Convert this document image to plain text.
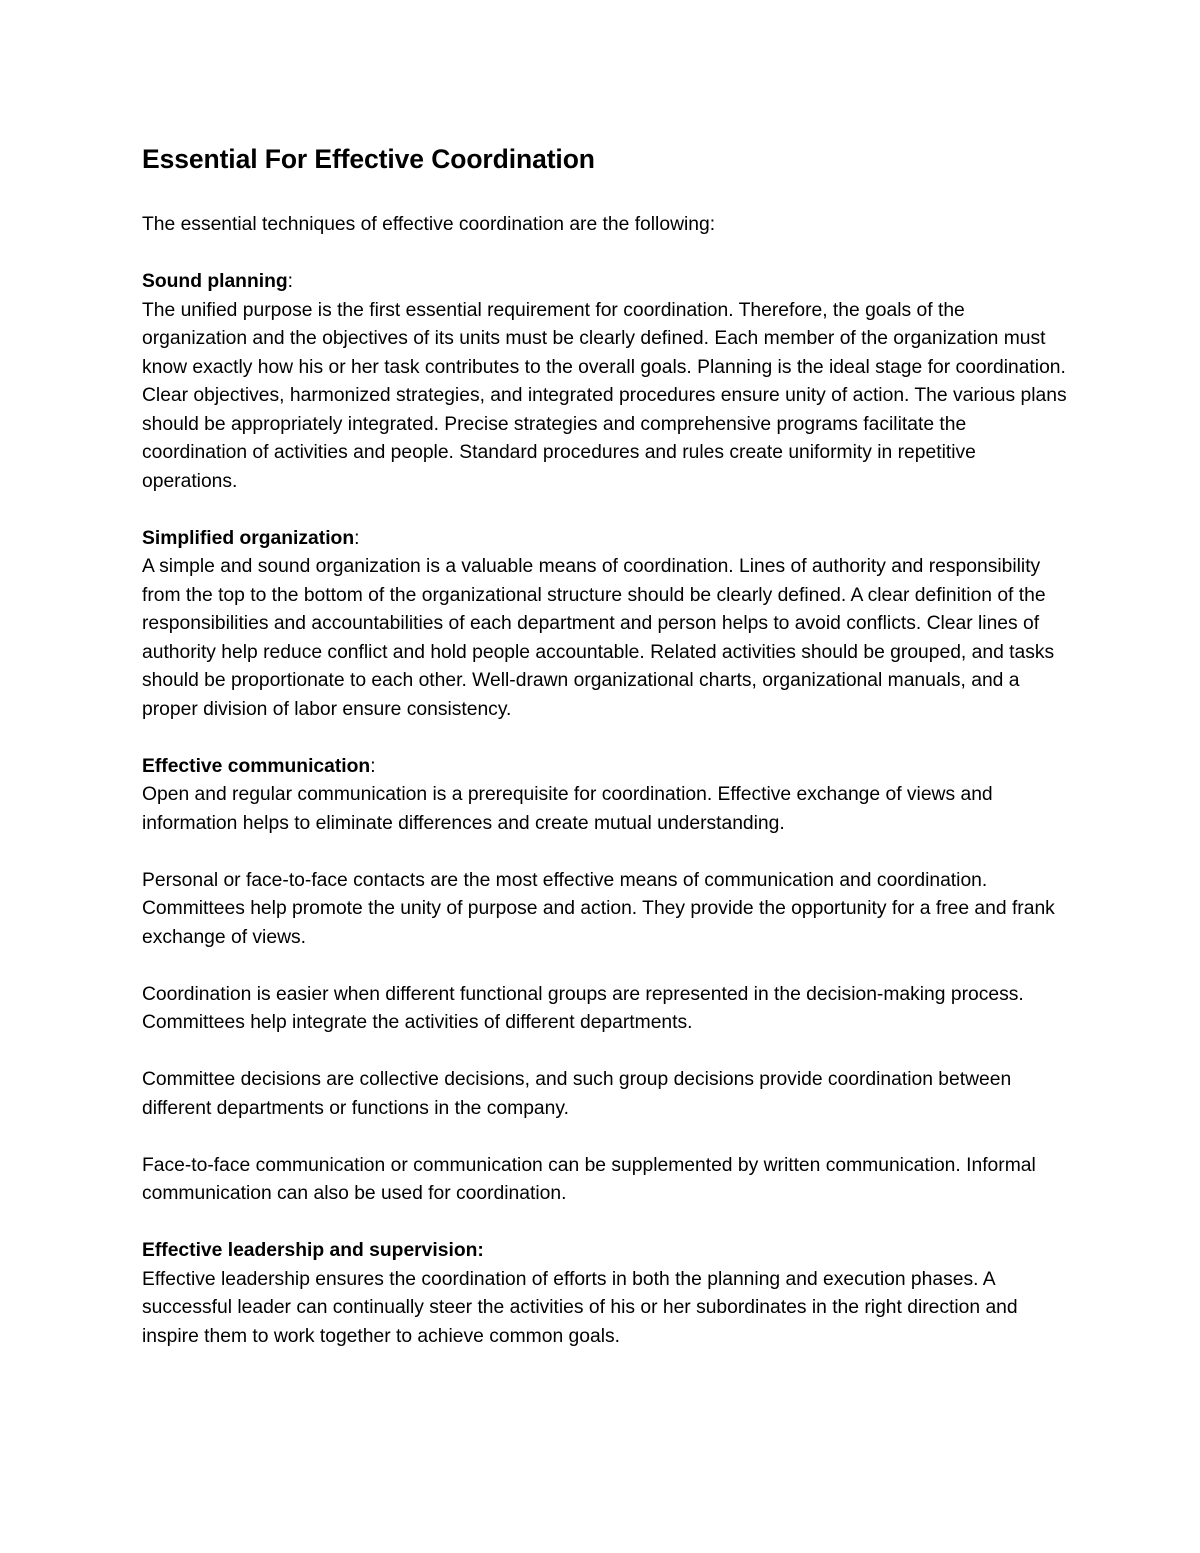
Essential For Effective Coordination

The essential techniques of effective coordination are the following:

Sound planning:

The unified purpose is the first essential requirement for coordination. Therefore, the goals of the organization and the objectives of its units must be clearly defined. Each member of the organization must know exactly how his or her task contributes to the overall goals. Planning is the ideal stage for coordination. Clear objectives, harmonized strategies, and integrated procedures ensure unity of action. The various plans should be appropriately integrated. Precise strategies and comprehensive programs facilitate the coordination of activities and people. Standard procedures and rules create uniformity in repetitive operations.

Simplified organization:

A simple and sound organization is a valuable means of coordination. Lines of authority and responsibility from the top to the bottom of the organizational structure should be clearly defined. A clear definition of the responsibilities and accountabilities of each department and person helps to avoid conflicts. Clear lines of authority help reduce conflict and hold people accountable. Related activities should be grouped, and tasks should be proportionate to each other. Well-drawn organizational charts, organizational manuals, and a proper division of labor ensure consistency.

Effective communication:

Open and regular communication is a prerequisite for coordination. Effective exchange of views and information helps to eliminate differences and create mutual understanding.

Personal or face-to-face contacts are the most effective means of communication and coordination. Committees help promote the unity of purpose and action. They provide the opportunity for a free and frank exchange of views.

Coordination is easier when different functional groups are represented in the decision-making process. Committees help integrate the activities of different departments.

Committee decisions are collective decisions, and such group decisions provide coordination between different departments or functions in the company.

Face-to-face communication or communication can be supplemented by written communication. Informal communication can also be used for coordination.

Effective leadership and supervision:

Effective leadership ensures the coordination of efforts in both the planning and execution phases. A successful leader can continually steer the activities of his or her subordinates in the right direction and inspire them to work together to achieve common goals.
